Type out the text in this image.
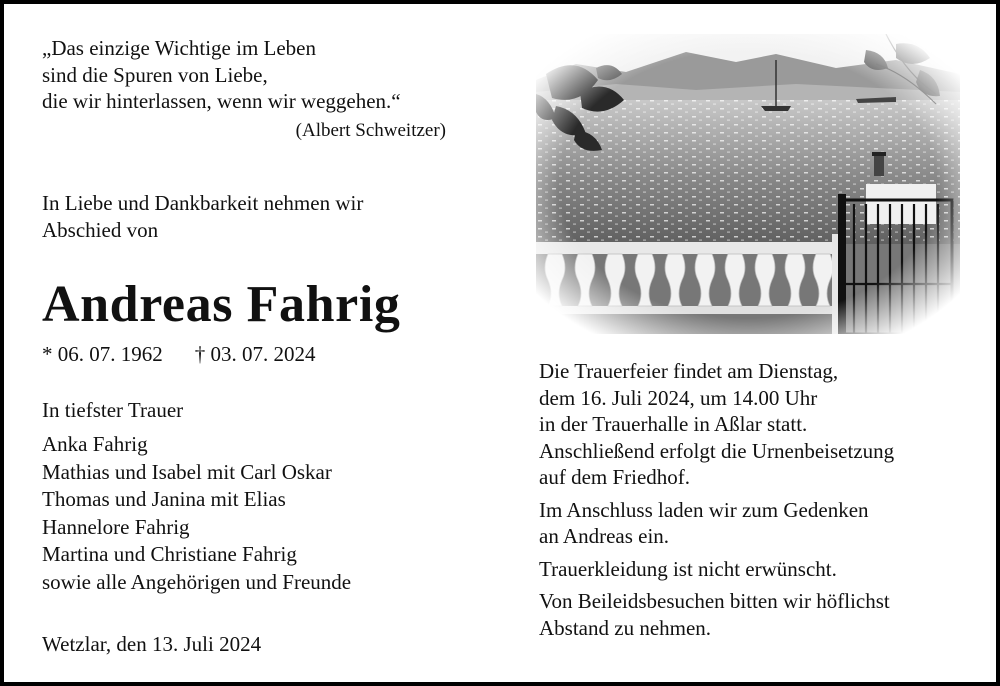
„Das einzige Wichtige im Leben
sind die Spuren von Liebe,
die wir hinterlassen, wenn wir weggehen.“
(Albert Schweitzer)
In Liebe und Dankbarkeit nehmen wir
Abschied von
Andreas Fahrig
* 06. 07. 1962 † 03. 07. 2024
In tiefster Trauer
Anka Fahrig
Mathias und Isabel mit Carl Oskar
Thomas und Janina mit Elias
Hannelore Fahrig
Martina und Christiane Fahrig
sowie alle Angehörigen und Freunde
Wetzlar, den 13. Juli 2024
Die Trauerfeier findet am Dienstag,
dem 16. Juli 2024, um 14.00 Uhr
in der Trauerhalle in Aßlar statt.
Anschließend erfolgt die Urnenbeisetzung
auf dem Friedhof.
Im Anschluss laden wir zum Gedenken
an Andreas ein.
Trauerkleidung ist nicht erwünscht.
Von Beileidsbesuchen bitten wir höflichst
Abstand zu nehmen.
